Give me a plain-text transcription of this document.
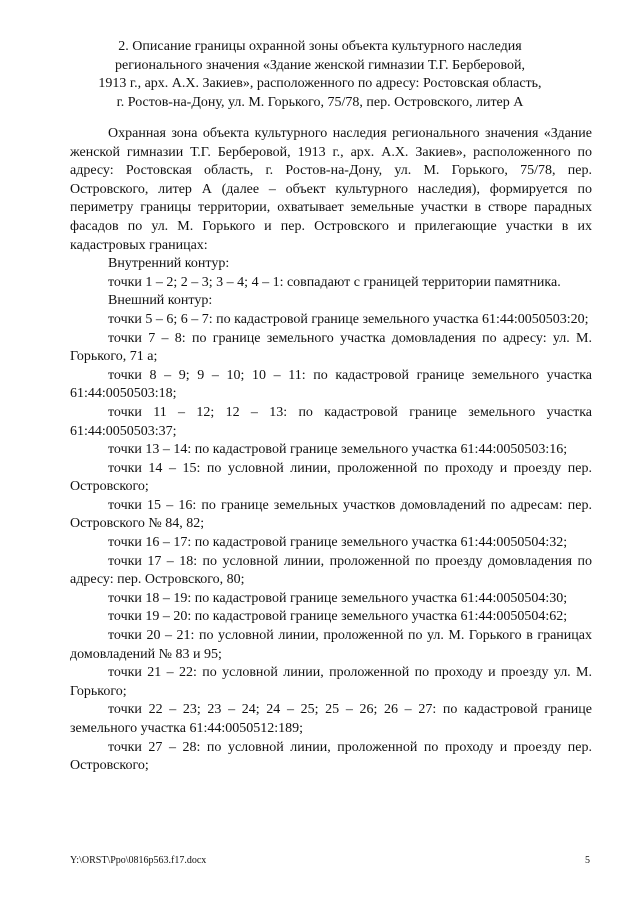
2. Описание границы охранной зоны объекта культурного наследия
регионального значения «Здание женской гимназии Т.Г. Берберовой,
1913 г., арх. А.Х. Закиев», расположенного по адресу: Ростовская область,
г. Ростов-на-Дону, ул. М. Горького, 75/78, пер. Островского, литер А

Охранная зона объекта культурного наследия регионального значения «Здание женской гимназии Т.Г. Берберовой, 1913 г., арх. А.Х. Закиев», расположенного по адресу: Ростовская область, г. Ростов-на-Дону, ул. М. Горького, 75/78, пер. Островского, литер А (далее – объект культурного наследия), формируется по периметру границы территории, охватывает земельные участки в створе парадных фасадов по ул. М. Горького и пер. Островского и прилегающие участки в их кадастровых границах:

Внутренний контур:

точки 1 – 2; 2 – 3; 3 – 4; 4 – 1: совпадают с границей территории памятника.

Внешний контур:

точки 5 – 6; 6 – 7: по кадастровой границе земельного участка 61:44:0050503:20;

точки 7 – 8: по границе земельного участка домовладения по адресу: ул. М. Горького, 71 а;

точки 8 – 9; 9 – 10; 10 – 11: по кадастровой границе земельного участка 61:44:0050503:18;

точки 11 – 12; 12 – 13: по кадастровой границе земельного участка 61:44:0050503:37;

точки 13 – 14: по кадастровой границе земельного участка 61:44:0050503:16;

точки 14 – 15: по условной линии, проложенной по проходу и проезду пер. Островского;

точки 15 – 16: по границе земельных участков домовладений по адресам: пер. Островского № 84, 82;

точки 16 – 17: по кадастровой границе земельного участка 61:44:0050504:32;

точки 17 – 18: по условной линии, проложенной по проезду домовладения по адресу: пер. Островского, 80;

точки 18 – 19: по кадастровой границе земельного участка 61:44:0050504:30;

точки 19 – 20: по кадастровой границе земельного участка 61:44:0050504:62;

точки 20 – 21: по условной линии, проложенной по ул. М. Горького в границах домовладений № 83 и 95;

точки 21 – 22: по условной линии, проложенной по проходу и проезду ул. М. Горького;

точки 22 – 23; 23 – 24; 24 – 25; 25 – 26; 26 – 27: по кадастровой границе земельного участка 61:44:0050512:189;

точки 27 – 28: по условной линии, проложенной по проходу и проезду пер. Островского;

Y:\ORST\Ppo\0816p563.f17.docx	5
